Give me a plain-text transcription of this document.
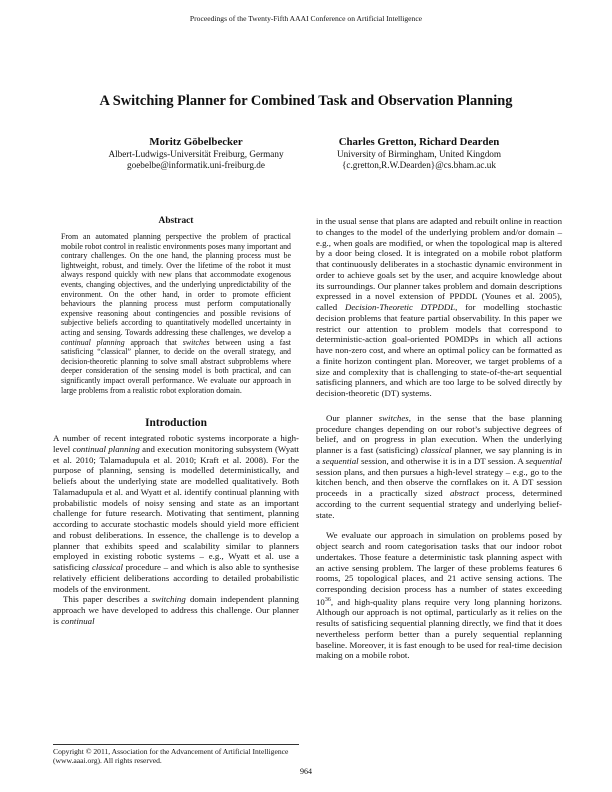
Proceedings of the Twenty-Fifth AAAI Conference on Artificial Intelligence
A Switching Planner for Combined Task and Observation Planning
Moritz Göbelbecker
Albert-Ludwigs-Universität Freiburg, Germany
goebelbe@informatik.uni-freiburg.de
Charles Gretton, Richard Dearden
University of Birmingham, United Kingdom
{c.gretton,R.W.Dearden}@cs.bham.ac.uk
Abstract

From an automated planning perspective the problem of practical mobile robot control in realistic environments poses many important and contrary challenges. On the one hand, the planning process must be lightweight, robust, and timely. Over the lifetime of the robot it must always respond quickly with new plans that accommodate exogenous events, changing objectives, and the underlying unpredictability of the environment. On the other hand, in order to promote efficient behaviours the planning process must perform computationally expensive reasoning about contingencies and possible revisions of subjective beliefs according to quantitatively modelled uncertainty in acting and sensing. Towards addressing these challenges, we develop a continual planning approach that switches between using a fast satisficing “classical” planner, to decide on the overall strategy, and decision-theoretic planning to solve small abstract subproblems where deeper consideration of the sensing model is both practical, and can significantly impact overall performance. We evaluate our approach in large problems from a realistic robot exploration domain.

Introduction

A number of recent integrated robotic systems incorporate a high-level continual planning and execution monitoring subsystem (Wyatt et al. 2010; Talamadupula et al. 2010; Kraft et al. 2008). For the purpose of planning, sensing is modelled deterministically, and beliefs about the underlying state are modelled qualitatively. Both Talamadupula et al. and Wyatt et al. identify continual planning with probabilistic models of noisy sensing and state as an important challenge for future research. Motivating that sentiment, planning according to accurate stochastic models should yield more efficient and robust deliberations. In essence, the challenge is to develop a planner that exhibits speed and scalability similar to planners employed in existing robotic systems – e.g., Wyatt et al. use a satisficing classical procedure – and which is also able to synthesise relatively efficient deliberations according to detailed probabilistic models of the environment.

This paper describes a switching domain independent planning approach we have developed to address this challenge. Our planner is continual

in the usual sense that plans are adapted and rebuilt online in reaction to changes to the model of the underlying problem and/or domain – e.g., when goals are modified, or when the topological map is altered by a door being closed. It is integrated on a mobile robot platform that continuously deliberates in a stochastic dynamic environment in order to achieve goals set by the user, and acquire knowledge about its surroundings. Our planner takes problem and domain descriptions expressed in a novel extension of PPDDL (Younes et al. 2005), called Decision-Theoretic DTPDDL, for modelling stochastic decision problems that feature partial observability. In this paper we restrict our attention to problem models that correspond to deterministic-action goal-oriented POMDPs in which all actions have non-zero cost, and where an optimal policy can be formatted as a finite horizon contingent plan. Moreover, we target problems of a size and complexity that is challenging to state-of-the-art sequential satisficing planners, and which are too large to be solved directly by decision-theoretic (DT) systems.

Our planner switches, in the sense that the base planning procedure changes depending on our robot’s subjective degrees of belief, and on progress in plan execution. When the underlying planner is a fast (satisficing) classical planner, we say planning is in a sequential session, and otherwise it is in a DT session. A sequential session plans, and then pursues a high-level strategy – e.g., go to the kitchen bench, and then observe the cornflakes on it. A DT session proceeds in a practically sized abstract process, determined according to the current sequential strategy and underlying belief-state.

We evaluate our approach in simulation on problems posed by object search and room categorisation tasks that our indoor robot undertakes. Those feature a deterministic task planning aspect with an active sensing problem. The larger of these problems features 6 rooms, 25 topological places, and 21 active sensing actions. The corresponding decision process has a number of states exceeding $10^{36}$, and high-quality plans require very long planning horizons. Although our approach is not optimal, particularly as it relies on the results of satisficing sequential planning directly, we find that it does nevertheless perform better than a purely sequential replanning baseline. Moreover, it is fast enough to be used for real-time decision making on a mobile robot.

Copyright © 2011, Association for the Advancement of Artificial Intelligence (www.aaai.org). All rights reserved.
964
